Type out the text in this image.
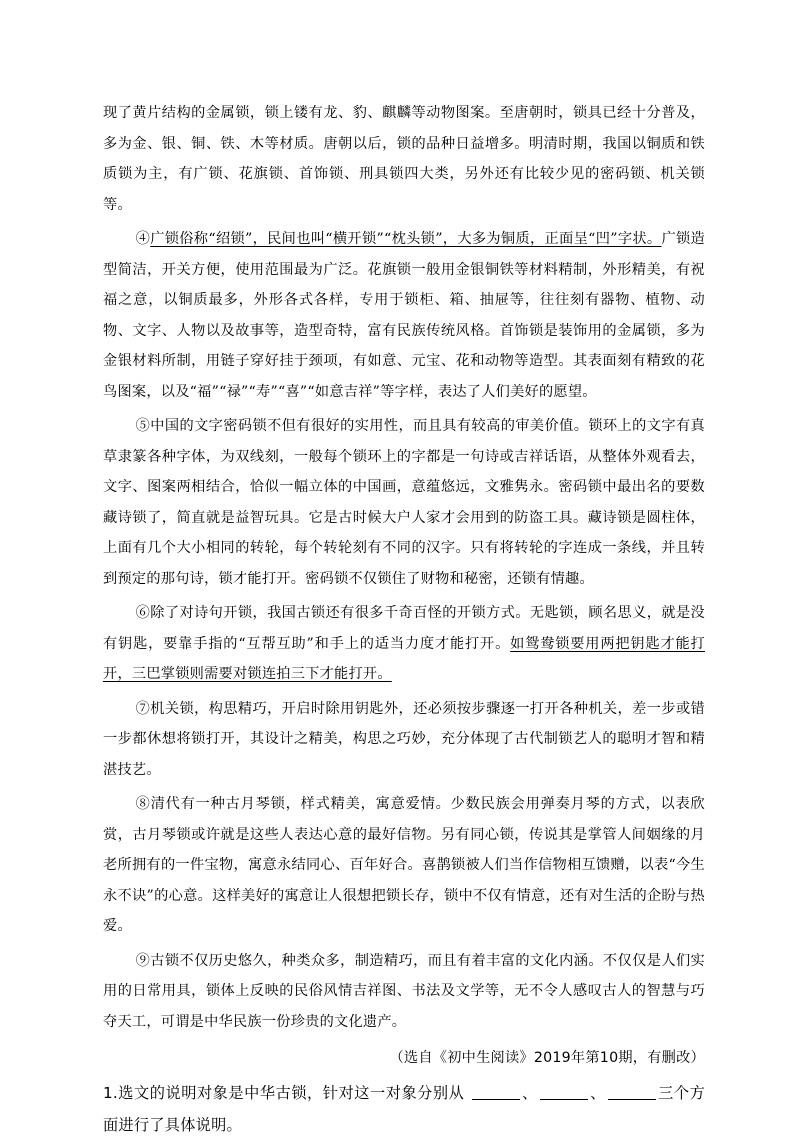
现了黄片结构的金属锁，锁上镂有龙、豹、麒麟等动物图案。至唐朝时，锁具已经十分普及，多为金、银、铜、铁、木等材质。唐朝以后，锁的品种日益增多。明清时期，我国以铜质和铁质锁为主，有广锁、花旗锁、首饰锁、刑具锁四大类，另外还有比较少见的密码锁、机关锁等。

④广锁俗称“绍锁”，民间也叫“横开锁”“枕头锁”，大多为铜质，正面呈“凹”字状。广锁造型简洁，开关方便，使用范围最为广泛。花旗锁一般用金银铜铁等材料精制，外形精美，有祝福之意，以铜质最多，外形各式各样，专用于锁柜、箱、抽屉等，往往刻有器物、植物、动物、文字、人物以及故事等，造型奇特，富有民族传统风格。首饰锁是装饰用的金属锁，多为金银材料所制，用链子穿好挂于颈项，有如意、元宝、花和动物等造型。其表面刻有精致的花鸟图案，以及“福”“禄”“寿”“喜”“如意吉祥”等字样，表达了人们美好的愿望。

⑤中国的文字密码锁不但有很好的实用性，而且具有较高的审美价值。锁环上的文字有真草隶篆各种字体，为双线刻，一般每个锁环上的字都是一句诗或吉祥话语，从整体外观看去，文字、图案两相结合，恰似一幅立体的中国画，意蕴悠远，文雅隽永。密码锁中最出名的要数藏诗锁了，简直就是益智玩具。它是古时候大户人家才会用到的防盗工具。藏诗锁是圆柱体，上面有几个大小相同的转轮，每个转轮刻有不同的汉字。只有将转轮的字连成一条线，并且转到预定的那句诗，锁才能打开。密码锁不仅锁住了财物和秘密，还锁有情趣。

⑥除了对诗句开锁，我国古锁还有很多千奇百怪的开锁方式。无匙锁，顾名思义，就是没有钥匙，要靠手指的“互帮互助”和手上的适当力度才能打开。如鸳鸯锁要用两把钥匙才能打开，三巴掌锁则需要对锁连拍三下才能打开。

⑦机关锁，构思精巧，开启时除用钥匙外，还必须按步骤逐一打开各种机关，差一步或错一步都休想将锁打开，其设计之精美，构思之巧妙，充分体现了古代制锁艺人的聪明才智和精湛技艺。

⑧清代有一种古月琴锁，样式精美，寓意爱情。少数民族会用弹奏月琴的方式，以表欣赏，古月琴锁或许就是这些人表达心意的最好信物。另有同心锁，传说其是掌管人间姻缘的月老所拥有的一件宝物，寓意永结同心、百年好合。喜鹊锁被人们当作信物相互馈赠，以表“今生永不诀”的心意。这样美好的寓意让人很想把锁长存，锁中不仅有情意，还有对生活的企盼与热爱。

⑨古锁不仅历史悠久，种类众多，制造精巧，而且有着丰富的文化内涵。不仅仅是人们实用的日常用具，锁体上反映的民俗风情吉祥图、书法及文学等，无不令人感叹古人的智慧与巧夺天工，可谓是中华民族一份珍贵的文化遗产。

（选自《初中生阅读》2019年第10期，有删改）

1.选文的说明对象是中华古锁，针对这一对象分别从	、	、	三个方面进行了具体说明。
